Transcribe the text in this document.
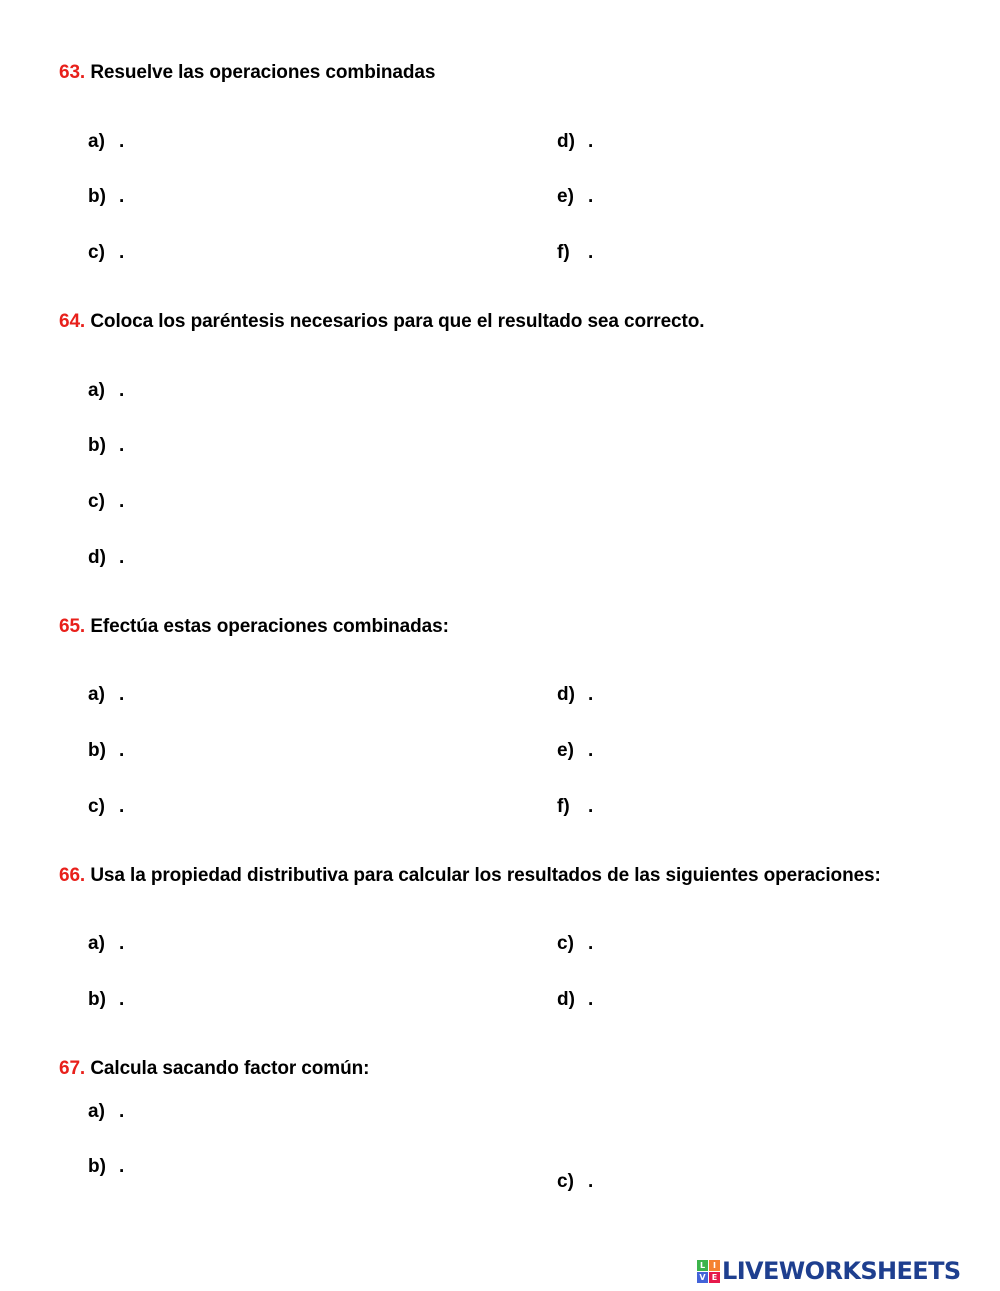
63. Resuelve las operaciones combinadas
a) .
b) .
c) .
d) .
e) .
f) .
64. Coloca los paréntesis necesarios para que el resultado sea correcto.
a) .
b) .
c) .
d) .
65. Efectúa estas operaciones combinadas:
a) .
b) .
c) .
d) .
e) .
f) .
66. Usa la propiedad distributiva para calcular los resultados de las siguientes operaciones:
a) .
b) .
c) .
d) .
67. Calcula sacando factor común:
a) .
b) .
c) .
L I
V E LIVEWORKSHEETS
